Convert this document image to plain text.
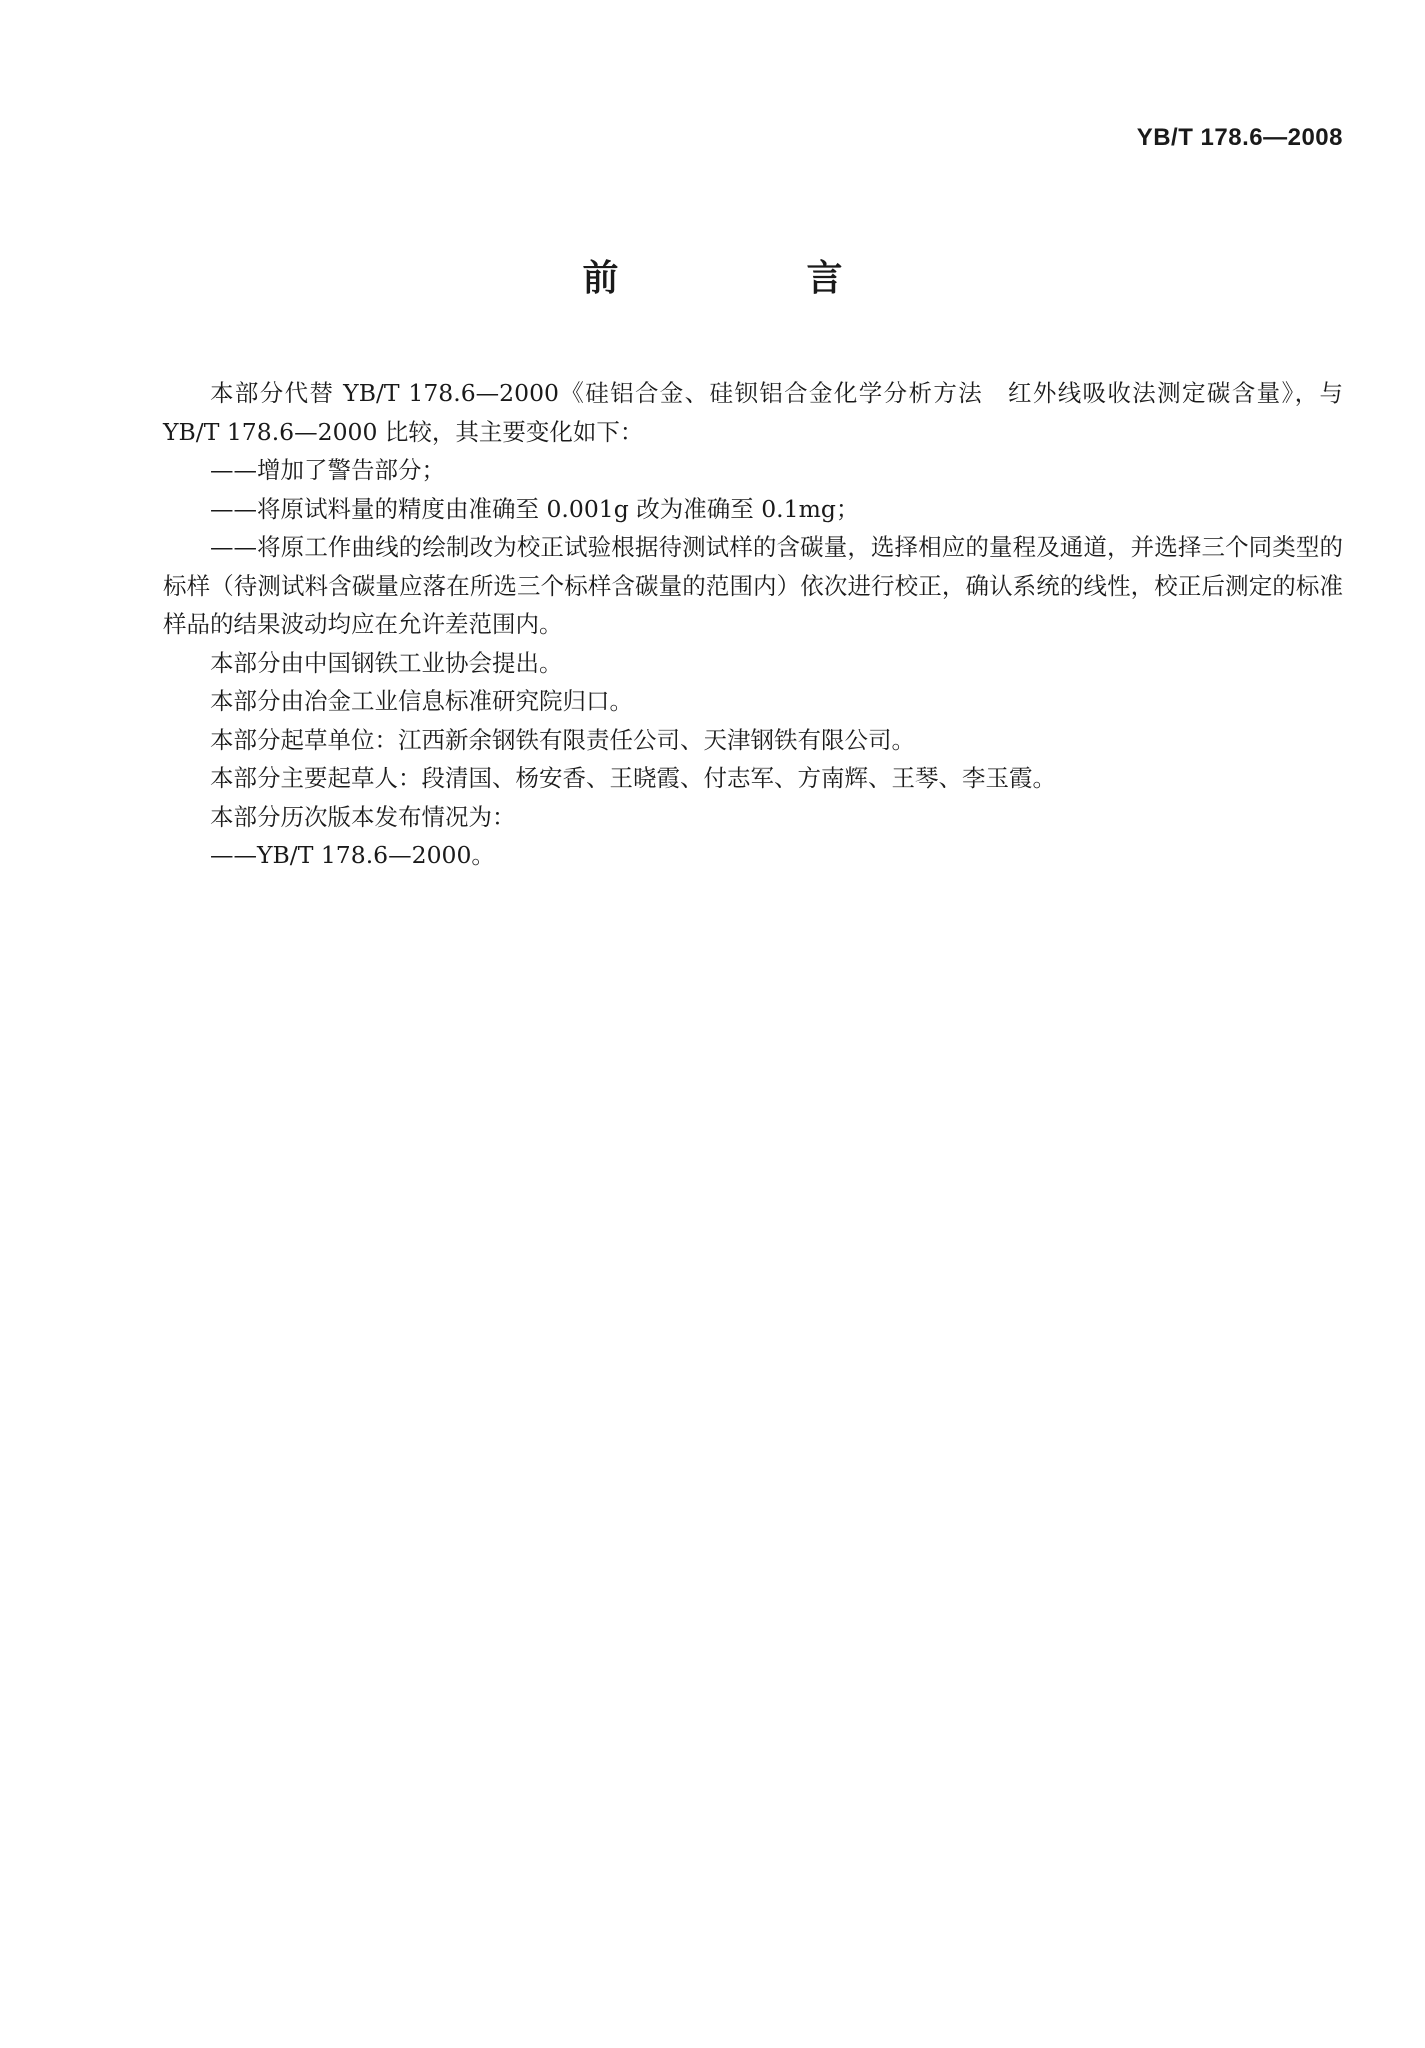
YB/T 178.6—2008
前　言

本部分代替 YB/T 178.6—2000《硅铝合金、硅钡铝合金化学分析方法　红外线吸收法测定碳含量》，与 YB/T 178.6—2000 比较，其主要变化如下：

——增加了警告部分；

——将原试料量的精度由准确至 0.001g 改为准确至 0.1mg；

——将原工作曲线的绘制改为校正试验根据待测试样的含碳量，选择相应的量程及通道，并选择三个同类型的标样（待测试料含碳量应落在所选三个标样含碳量的范围内）依次进行校正，确认系统的线性，校正后测定的标准样品的结果波动均应在允许差范围内。

本部分由中国钢铁工业协会提出。

本部分由冶金工业信息标准研究院归口。

本部分起草单位：江西新余钢铁有限责任公司、天津钢铁有限公司。

本部分主要起草人：段清国、杨安香、王晓霞、付志军、方南辉、王琴、李玉霞。

本部分历次版本发布情况为：

——YB/T 178.6—2000。
